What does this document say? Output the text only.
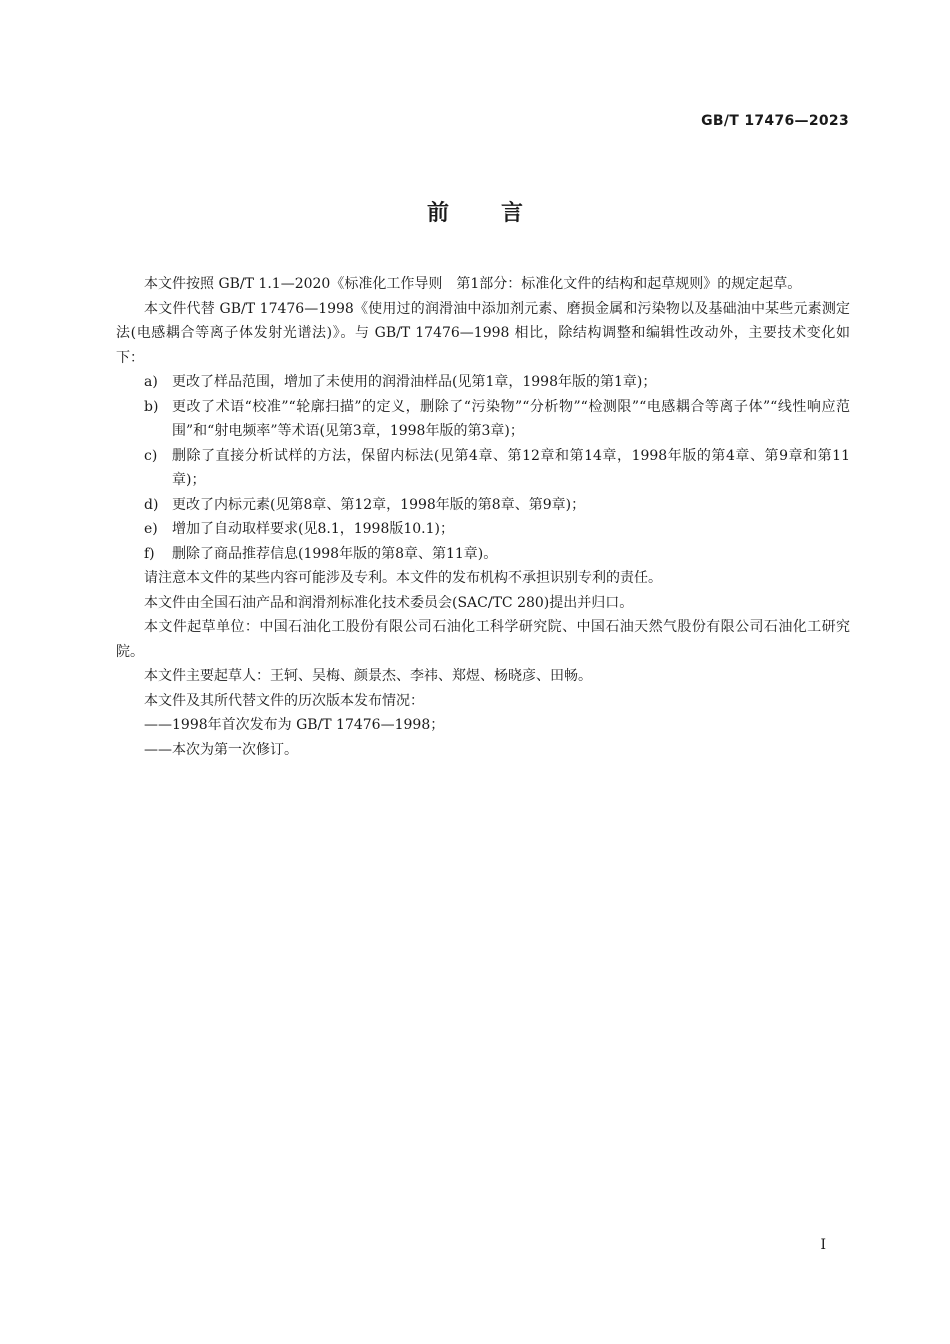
GB/T 17476—2023
前言

本文件按照 GB/T 1.1—2020《标准化工作导则　第1部分：标准化文件的结构和起草规则》的规定起草。

本文件代替 GB/T 17476—1998《使用过的润滑油中添加剂元素、磨损金属和污染物以及基础油中某些元素测定法(电感耦合等离子体发射光谱法)》。与 GB/T 17476—1998 相比，除结构调整和编辑性改动外，主要技术变化如下：

a)	更改了样品范围，增加了未使用的润滑油样品(见第1章，1998年版的第1章)；
b) 更改了术语“校准”“轮廓扫描”的定义，删除了“污染物”“分析物”“检测限”“电感耦合等离子体”“线性响应范围”和“射电频率”等术语(见第3章，1998年版的第3章)；
c)	删除了直接分析试样的方法，保留内标法(见第4章、第12章和第14章，1998年版的第4章、第9章和第11章)；
d) 更改了内标元素(见第8章、第12章，1998年版的第8章、第9章)；
e)	增加了自动取样要求(见8.1，1998版10.1)；
f)	删除了商品推荐信息(1998年版的第8章、第11章)。

请注意本文件的某些内容可能涉及专利。本文件的发布机构不承担识别专利的责任。

本文件由全国石油产品和润滑剂标准化技术委员会(SAC/TC 280)提出并归口。

本文件起草单位：中国石油化工股份有限公司石油化工科学研究院、中国石油天然气股份有限公司石油化工研究院。

本文件主要起草人：王轲、吴梅、颜景杰、李祎、郑煜、杨晓彦、田畅。

本文件及其所代替文件的历次版本发布情况：

——1998年首次发布为 GB/T 17476—1998；

——本次为第一次修订。

I
